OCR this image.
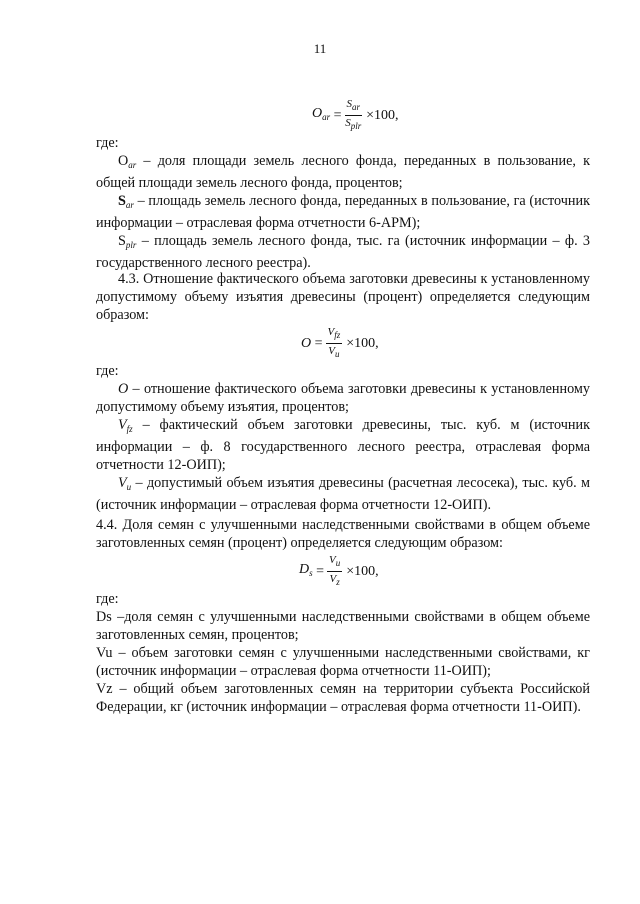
11
$O_{ar} = \frac{S_{ar}}{S_{plr}} \times 100$,

где:

$O_{ar}$ – доля площади земель лесного фонда, переданных в пользование, к общей площади земель лесного фонда, процентов;

$S_{ar}$ – площадь земель лесного фонда, переданных в пользование, га (источник информации – отраслевая форма отчетности 6-АРМ);

$S_{plr}$ – площадь земель лесного фонда, тыс. га (источник информации – ф. 3 государственного лесного реестра).

4.3. Отношение фактического объема заготовки древесины к установленному допустимому объему изъятия древесины (процент) определяется следующим образом:
$O = \frac{V_{fz}}{V_u} \times 100$,

где:

O – отношение фактического объема заготовки древесины к установленному допустимому объему изъятия, процентов;

$V_{fz}$ – фактический объем заготовки древесины, тыс. куб. м (источник информации – ф. 8 государственного лесного реестра, отраслевая форма отчетности 12-ОИП);

$V_u$ – допустимый объем изъятия древесины (расчетная лесосека), тыс. куб. м (источник информации – отраслевая форма отчетности 12-ОИП).

4.4. Доля семян с улучшенными наследственными свойствами в общем объеме заготовленных семян (процент) определяется следующим образом:
$D_s = \frac{V_u}{V_z} \times 100$,

где:

Ds –доля семян с улучшенными наследственными свойствами в общем объеме заготовленных семян, процентов;

Vu – объем заготовки семян с улучшенными наследственными свойствами, кг (источник информации – отраслевая форма отчетности 11-ОИП);

Vz – общий объем заготовленных семян на территории субъекта Российской Федерации, кг (источник информации – отраслевая форма отчетности 11-ОИП).
